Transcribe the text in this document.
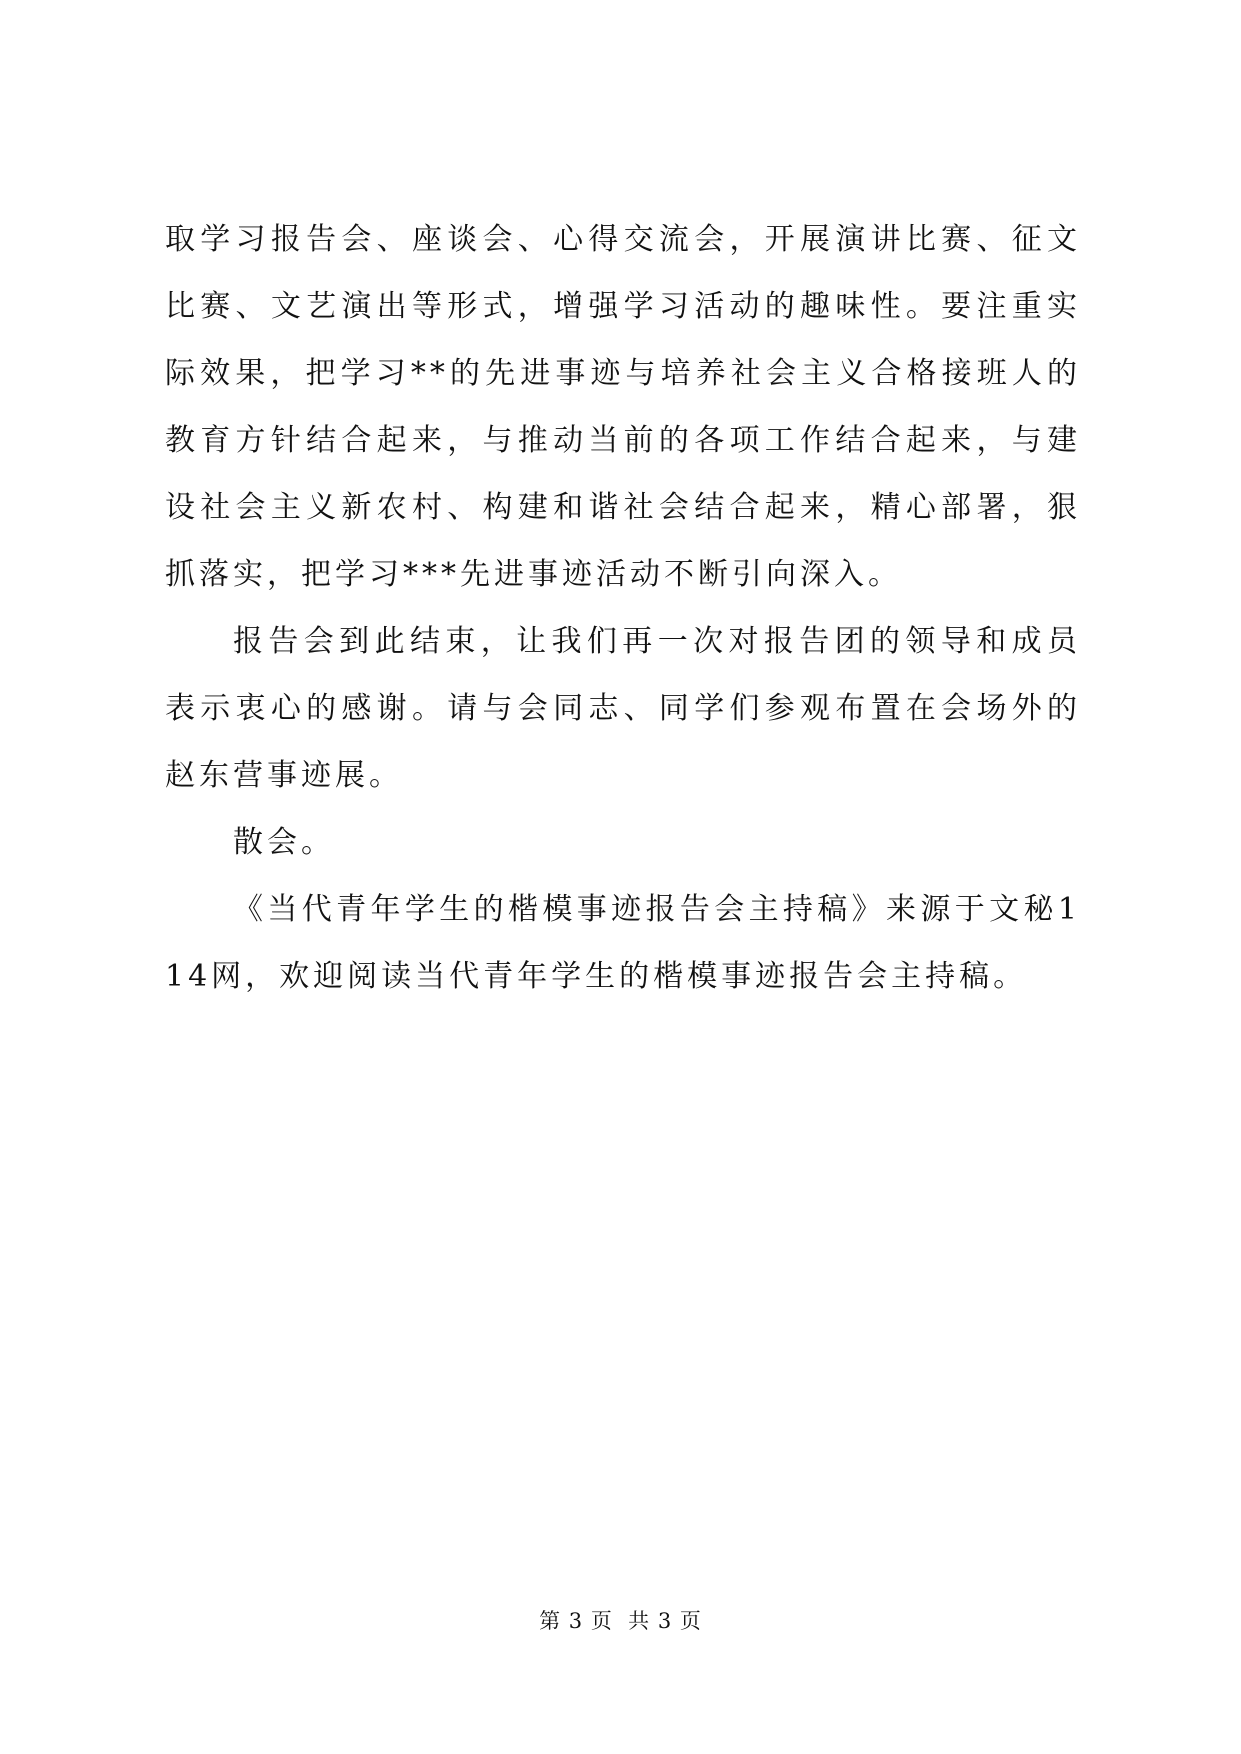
取学习报告会、座谈会、心得交流会，开展演讲比赛、征文比赛、文艺演出等形式，增强学习活动的趣味性。要注重实际效果，把学习**的先进事迹与培养社会主义合格接班人的教育方针结合起来，与推动当前的各项工作结合起来，与建设社会主义新农村、构建和谐社会结合起来，精心部署，狠抓落实，把学习***先进事迹活动不断引向深入。

报告会到此结束，让我们再一次对报告团的领导和成员表示衷心的感谢。请与会同志、同学们参观布置在会场外的赵东营事迹展。

散会。

《当代青年学生的楷模事迹报告会主持稿》来源于文秘114网，欢迎阅读当代青年学生的楷模事迹报告会主持稿。

第 3 页  共 3 页
